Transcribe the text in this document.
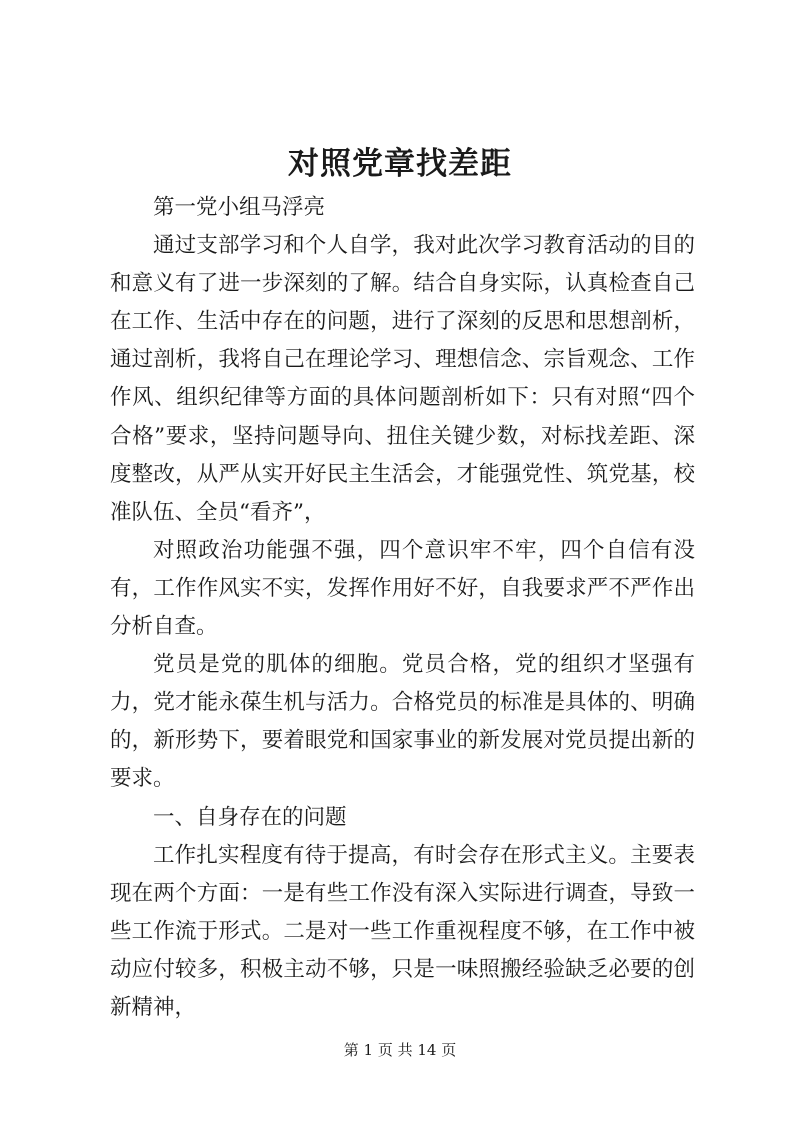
对照党章找差距

第一党小组马浮亮

通过支部学习和个人自学，我对此次学习教育活动的目的和意义有了进一步深刻的了解。结合自身实际，认真检查自己在工作、生活中存在的问题，进行了深刻的反思和思想剖析，通过剖析，我将自己在理论学习、理想信念、宗旨观念、工作作风、组织纪律等方面的具体问题剖析如下：只有对照“四个合格”要求，坚持问题导向、扭住关键少数，对标找差距、深度整改，从严从实开好民主生活会，才能强党性、筑党基，校准队伍、全员“看齐”，

对照政治功能强不强，四个意识牢不牢，四个自信有没有，工作作风实不实，发挥作用好不好，自我要求严不严作出分析自查。

党员是党的肌体的细胞。党员合格，党的组织才坚强有力，党才能永葆生机与活力。合格党员的标准是具体的、明确的，新形势下，要着眼党和国家事业的新发展对党员提出新的要求。

一、自身存在的问题

工作扎实程度有待于提高，有时会存在形式主义。主要表现在两个方面：一是有些工作没有深入实际进行调查，导致一些工作流于形式。二是对一些工作重视程度不够，在工作中被动应付较多，积极主动不够，只是一味照搬经验缺乏必要的创新精神，

第 1 页 共 14 页
